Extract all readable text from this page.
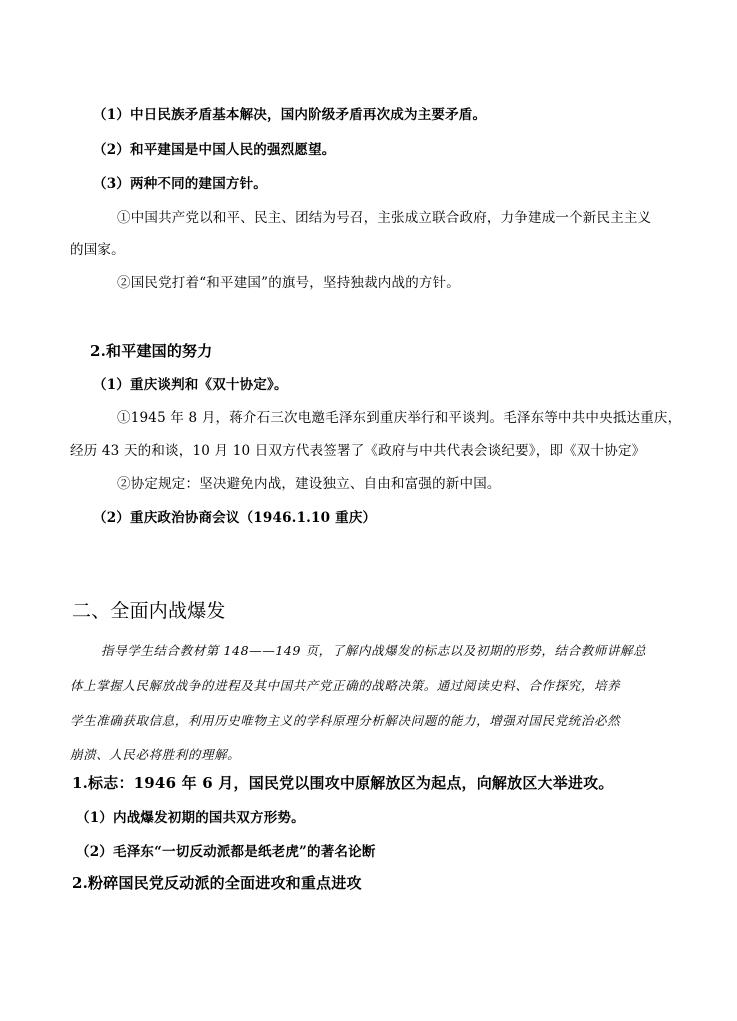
（1）中日民族矛盾基本解决，国内阶级矛盾再次成为主要矛盾。
（2）和平建国是中国人民的强烈愿望。
（3）两种不同的建国方针。
①中国共产党以和平、民主、团结为号召，主张成立联合政府，力争建成一个新民主主义
的国家。
②国民党打着“和平建国”的旗号，坚持独裁内战的方针。
2.和平建国的努力
（1）重庆谈判和《双十协定》。
①1945 年 8 月，蒋介石三次电邀毛泽东到重庆举行和平谈判。毛泽东等中共中央抵达重庆，
经历 43 天的和谈，10 月 10 日双方代表签署了《政府与中共代表会谈纪要》，即《双十协定》
②协定规定：坚决避免内战，建设独立、自由和富强的新中国。
（2）重庆政治协商会议（1946.1.10 重庆）
二、全面内战爆发
指导学生结合教材第 148——149 页，了解内战爆发的标志以及初期的形势，结合教师讲解总
体上掌握人民解放战争的进程及其中国共产党正确的战略决策。通过阅读史料、合作探究，培养
学生准确获取信息，利用历史唯物主义的学科原理分析解决问题的能力，增强对国民党统治必然
崩溃、人民必将胜利的理解。
1.标志：1946 年 6 月，国民党以围攻中原解放区为起点，向解放区大举进攻。
（1）内战爆发初期的国共双方形势。
（2）毛泽东“一切反动派都是纸老虎”的著名论断
2.粉碎国民党反动派的全面进攻和重点进攻
